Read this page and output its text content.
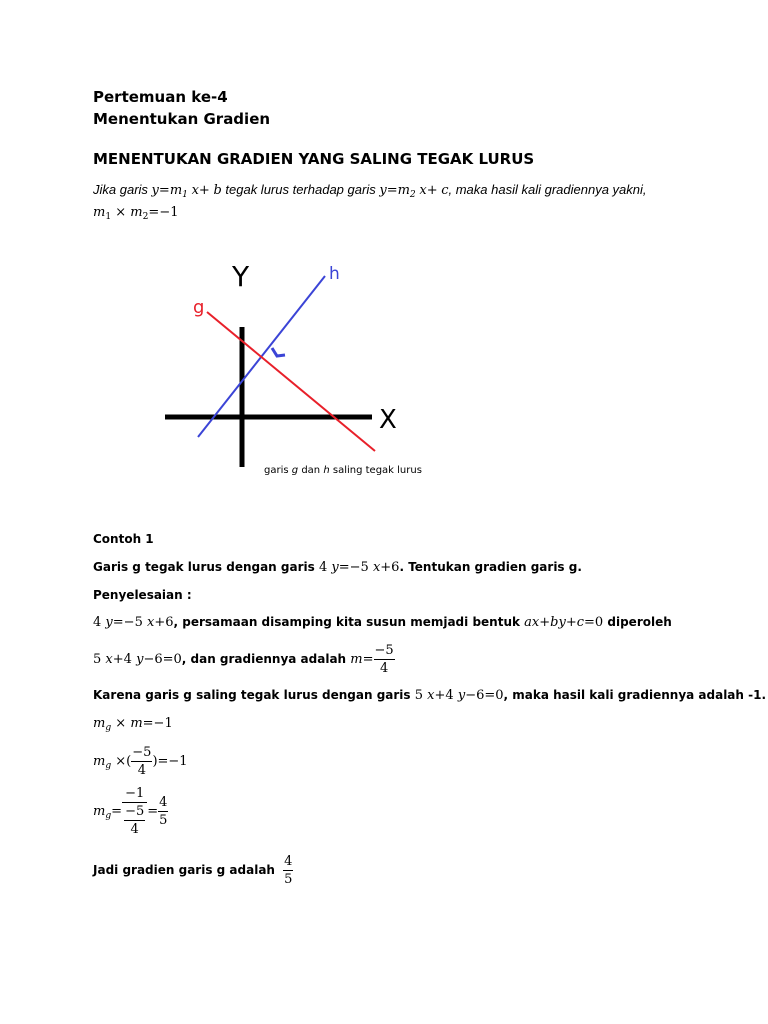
Pertemuan ke-4
Menentukan Gradien
MENENTUKAN GRADIEN YANG SALING TEGAK LURUS
Jika garis $y=m_1$ x+ b tegak lurus terhadap garis $y=m_2$ x+ c, maka hasil kali gradiennya yakni,
$m_1 \times m_2=-1$
Y
X
g
h
garis g dan h saling tegak lurus
Contoh 1
Garis g tegak lurus dengan garis 4 y=−5 x+6. Tentukan gradien garis g.
Penyelesaian :
4 y=−5 x+6, persamaan disamping kita susun memjadi bentuk ax+by+c=0 diperoleh
5 x+4 y−6=0, dan gradiennya adalah $m= \frac{-5}{4}$
Karena garis g saling tegak lurus dengan garis 5 x+4 y−6=0, maka hasil kali gradiennya adalah -1.
$m_g \times m=-1$
$m_g$ ×( $\frac{-5}{4} )=-1$
$m_g= \frac{-1}{\frac{-5}{4}} = \frac{4}{5}$
Jadi gradien garis g adalah $\frac{4}{5}$
